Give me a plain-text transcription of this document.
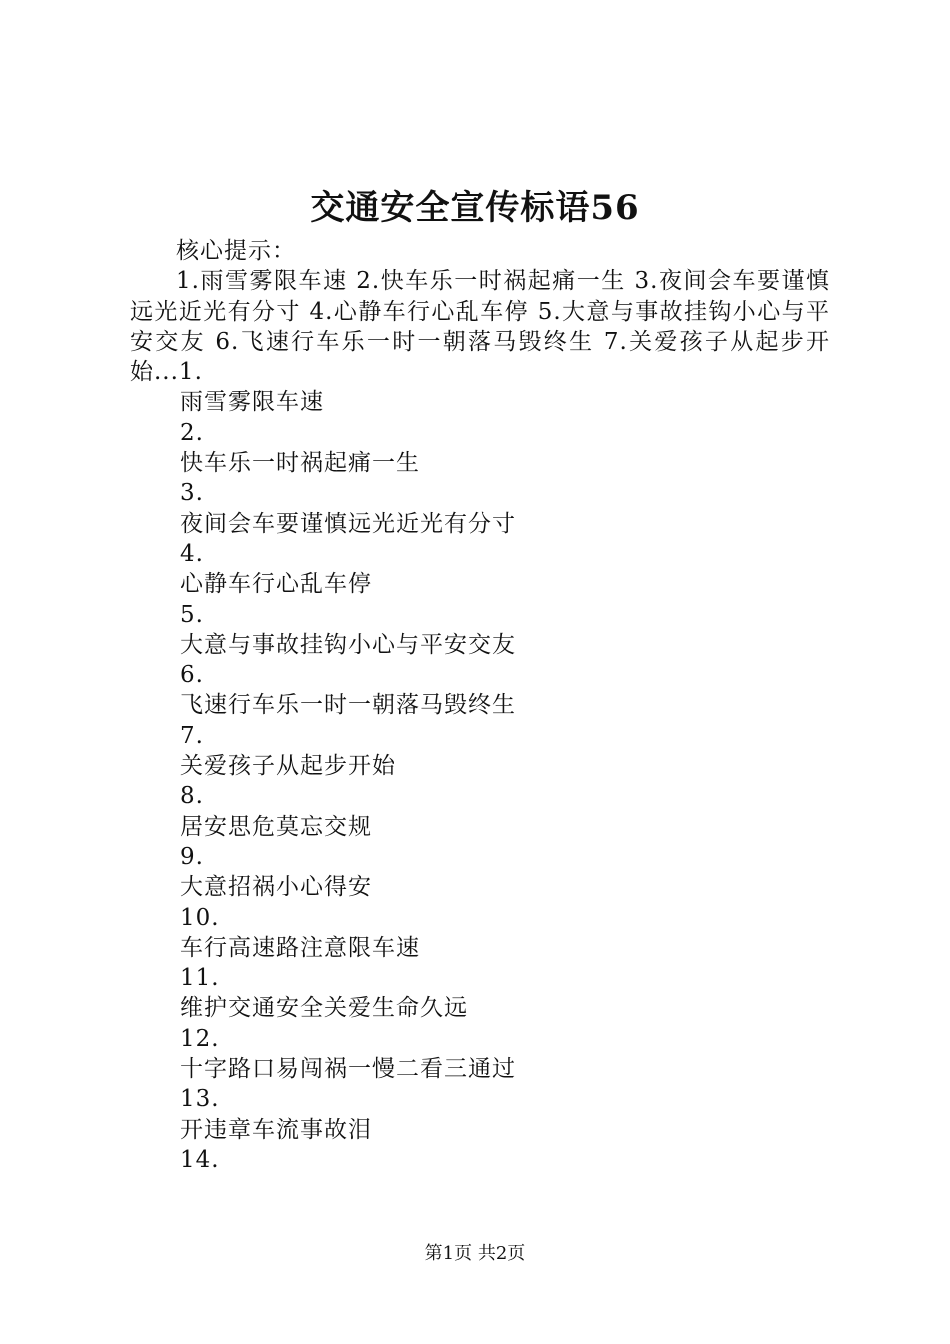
交通安全宣传标语56

核心提示：

1.雨雪雾限车速 2.快车乐一时祸起痛一生 3.夜间会车要谨慎远光近光有分寸 4.心静车行心乱车停 5.大意与事故挂钩小心与平安交友 6.飞速行车乐一时一朝落马毁终生 7.关爱孩子从起步开始...1.

雨雪雾限车速

2.

快车乐一时祸起痛一生

3.

夜间会车要谨慎远光近光有分寸

4.

心静车行心乱车停

5.

大意与事故挂钩小心与平安交友

6.

飞速行车乐一时一朝落马毁终生

7.

关爱孩子从起步开始

8.

居安思危莫忘交规

9.

大意招祸小心得安

10.

车行高速路注意限车速

11.

维护交通安全关爱生命久远

12.

十字路口易闯祸一慢二看三通过

13.

开违章车流事故泪

14.

第1页 共2页
